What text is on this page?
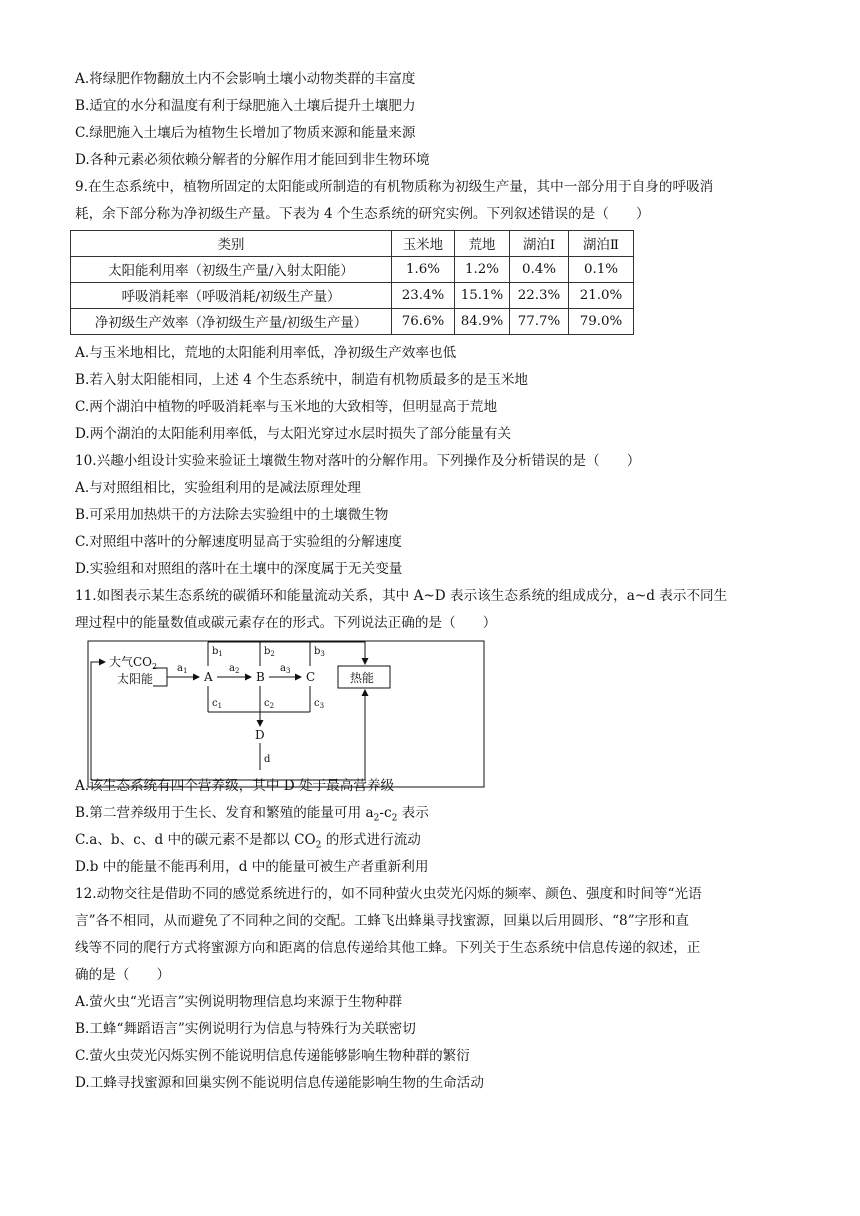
A.将绿肥作物翻放土内不会影响土壤小动物类群的丰富度
B.适宜的水分和温度有利于绿肥施入土壤后提升土壤肥力
C.绿肥施入土壤后为植物生长增加了物质来源和能量来源
D.各种元素必须依赖分解者的分解作用才能回到非生物环境
9.在生态系统中，植物所固定的太阳能或所制造的有机物质称为初级生产量，其中一部分用于自身的呼吸消
耗，余下部分称为净初级生产量。下表为 4 个生态系统的研究实例。下列叙述错误的是（　　）
类别	玉米地	荒地	湖泊Ⅰ	湖泊Ⅱ
太阳能利用率（初级生产量/入射太阳能）	1.6%	1.2%	0.4%	0.1%
呼吸消耗率（呼吸消耗/初级生产量）	23.4%	15.1%	22.3%	21.0%
净初级生产效率（净初级生产量/初级生产量）	76.6%	84.9%	77.7%	79.0%
A.与玉米地相比，荒地的太阳能利用率低，净初级生产效率也低
B.若入射太阳能相同，上述 4 个生态系统中，制造有机物质最多的是玉米地
C.两个湖泊中植物的呼吸消耗率与玉米地的大致相等，但明显高于荒地
D.两个湖泊的太阳能利用率低，与太阳光穿过水层时损失了部分能量有关
10.兴趣小组设计实验来验证土壤微生物对落叶的分解作用。下列操作及分析错误的是（　　）
A.与对照组相比，实验组利用的是减法原理处理
B.可采用加热烘干的方法除去实验组中的土壤微生物
C.对照组中落叶的分解速度明显高于实验组的分解速度
D.实验组和对照组的落叶在土壤中的深度属于无关变量
11.如图表示某生态系统的碳循环和能量流动关系，其中 A~D 表示该生态系统的组成成分，a~d 表示不同生
理过程中的能量数值或碳元素存在的形式。下列说法正确的是（　　）
大气$CO_2$
太阳能
$a_1$ A	B	C
D
$a_2$	$a_3$
$b_1$	$b_2$	$b_3$
$c_1$	$c_2$	$c_3$
d
热能
A.该生态系统有四个营养级，其中 D 处于最高营养级
B.第二营养级用于生长、发育和繁殖的能量可用 $a_2-c_2$ 表示
C.a、b、c、d 中的碳元素不是都以 $CO_2$ 的形式进行流动
D.b 中的能量不能再利用，d 中的能量可被生产者重新利用
12.动物交往是借助不同的感觉系统进行的，如不同种萤火虫荧光闪烁的频率、颜色、强度和时间等“光语
言”各不相同，从而避免了不同种之间的交配。工蜂飞出蜂巢寻找蜜源，回巢以后用圆形、“8”字形和直
线等不同的爬行方式将蜜源方向和距离的信息传递给其他工蜂。下列关于生态系统中信息传递的叙述，正
确的是（　　）
A.萤火虫“光语言”实例说明物理信息均来源于生物种群
B.工蜂“舞蹈语言”实例说明行为信息与特殊行为关联密切
C.萤火虫荧光闪烁实例不能说明信息传递能够影响生物种群的繁衍
D.工蜂寻找蜜源和回巢实例不能说明信息传递能影响生物的生命活动
